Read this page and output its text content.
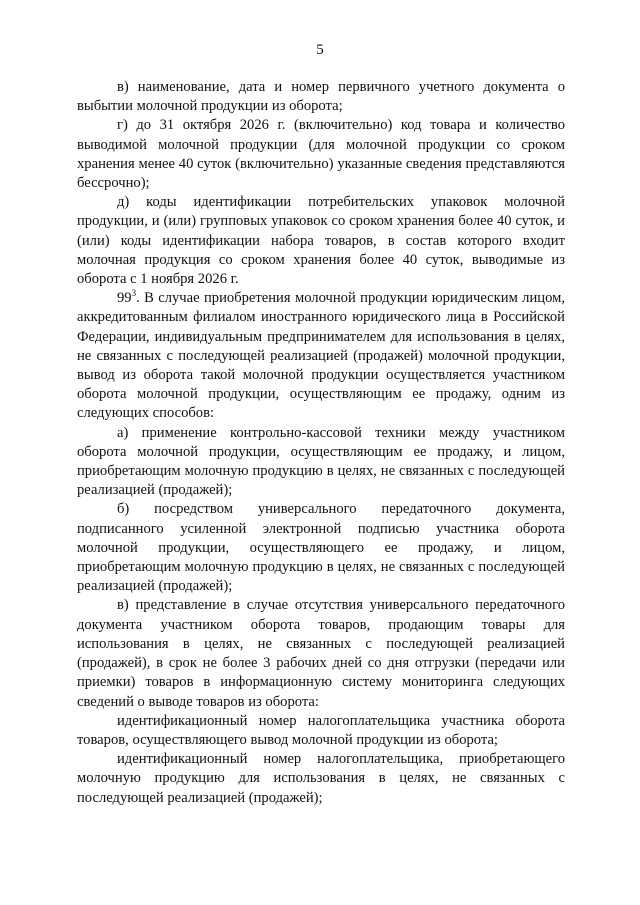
5

в) наименование, дата и номер первичного учетного документа о выбытии молочной продукции из оборота;

г) до 31 октября 2026 г. (включительно) код товара и количество выводимой молочной продукции (для молочной продукции со сроком хранения менее 40 суток (включительно) указанные сведения представляются бессрочно);

д) коды идентификации потребительских упаковок молочной продукции, и (или) групповых упаковок со сроком хранения более 40 суток, и (или) коды идентификации набора товаров, в состав которого входит молочная продукция со сроком хранения более 40 суток, выводимые из оборота с 1 ноября 2026 г.

$99^3$. В случае приобретения молочной продукции юридическим лицом, аккредитованным филиалом иностранного юридического лица в Российской Федерации, индивидуальным предпринимателем для использования в целях, не связанных с последующей реализацией (продажей) молочной продукции, вывод из оборота такой молочной продукции осуществляется участником оборота молочной продукции, осуществляющим ее продажу, одним из следующих способов:

а) применение контрольно-кассовой техники между участником оборота молочной продукции, осуществляющим ее продажу, и лицом, приобретающим молочную продукцию в целях, не связанных с последующей реализацией (продажей);

б) посредством универсального передаточного документа, подписанного усиленной электронной подписью участника оборота молочной продукции, осуществляющего ее продажу, и лицом, приобретающим молочную продукцию в целях, не связанных с последующей реализацией (продажей);

в) представление в случае отсутствия универсального передаточного документа участником оборота товаров, продающим товары для использования в целях, не связанных с последующей реализацией (продажей), в срок не более 3 рабочих дней со дня отгрузки (передачи или приемки) товаров в информационную систему мониторинга следующих сведений о выводе товаров из оборота:

идентификационный номер налогоплательщика участника оборота товаров, осуществляющего вывод молочной продукции из оборота;

идентификационный номер налогоплательщика, приобретающего молочную продукцию для использования в целях, не связанных с последующей реализацией (продажей);
